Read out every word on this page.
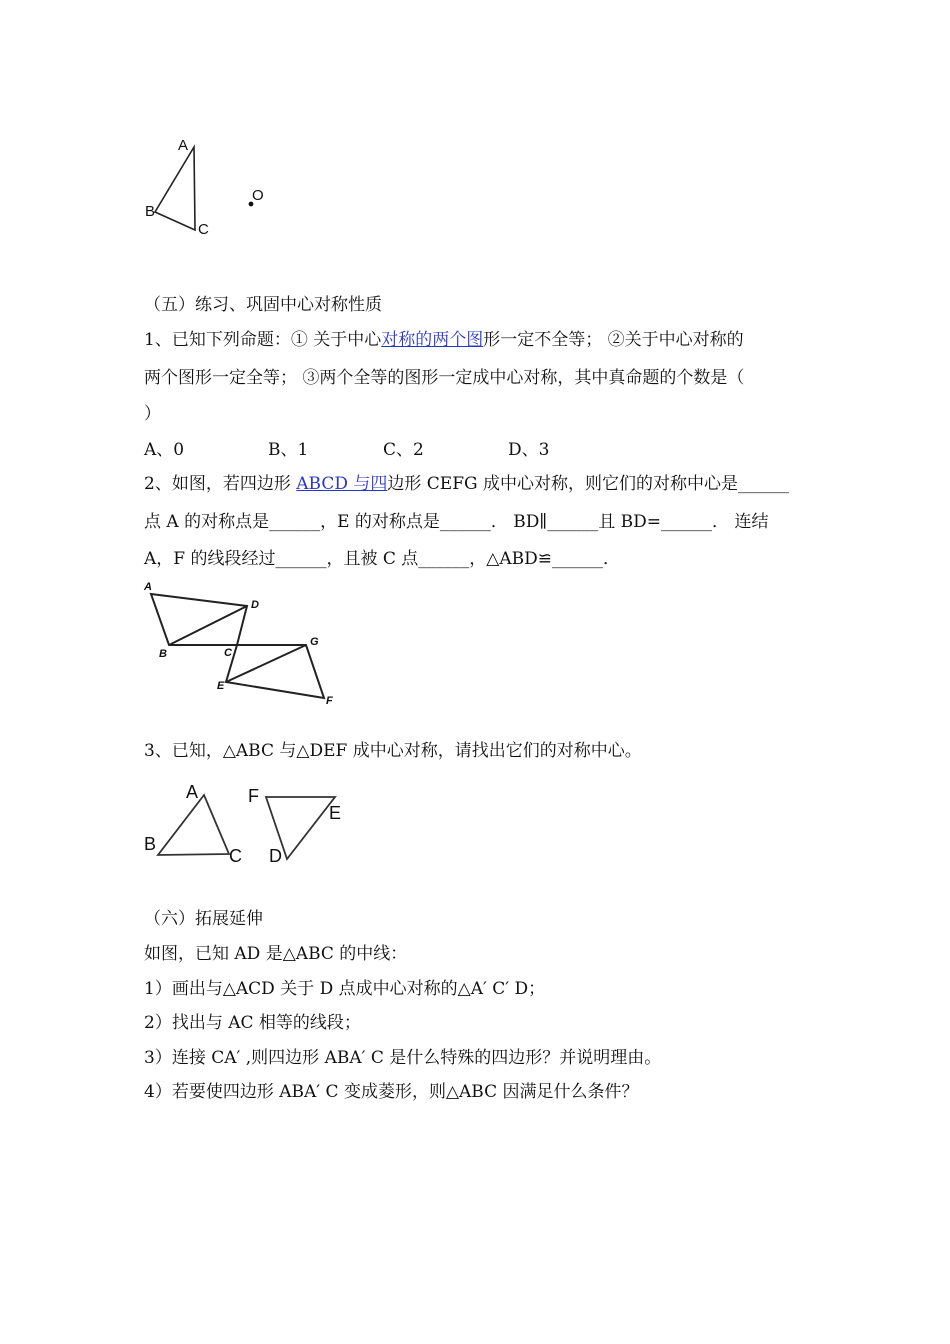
A
B
C
O
（五）练习、巩固中心对称性质
1、已知下列命题：① 关于中心对称的两个图形一定不全等； ②关于中心对称的
两个图形一定全等； ③两个全等的图形一定成中心对称，其中真命题的个数是（
）
A、0	B、1	C、2	D、3
2、如图，若四边形 ABCD 与四边形 CEFG 成中心对称，则它们的对称中心是______
点 A 的对称点是______，E 的对称点是______． BD∥______且 BD=______． 连结
A，F 的线段经过______，且被 C 点______，△ABD≌______．
A
D
B	C
G
E
F
3、已知，△ABC 与△DEF 成中心对称，请找出它们的对称中心。
A
B
C
F
E
D
（六）拓展延伸
如图，已知 AD 是△ABC 的中线：
1）画出与△ACD 关于 D 点成中心对称的△A′ C′ D；
2）找出与 AC 相等的线段；
3）连接 CA′ ,则四边形 ABA′ C 是什么特殊的四边形？并说明理由。
4）若要使四边形 ABA′ C 变成菱形，则△ABC 因满足什么条件？
